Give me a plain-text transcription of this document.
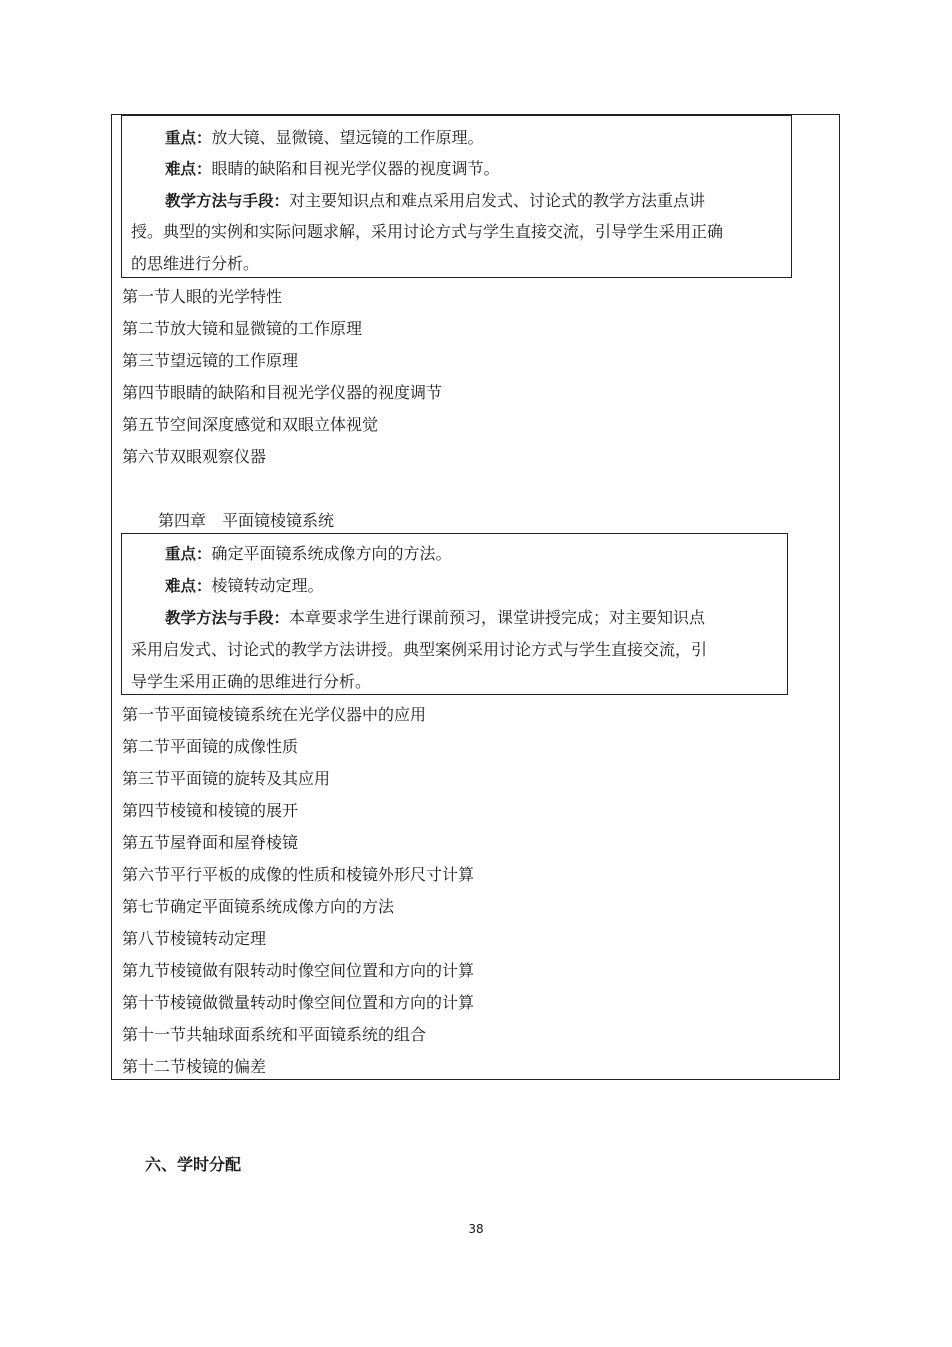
重点：放大镜、显微镜、望远镜的工作原理。
难点：眼睛的缺陷和目视光学仪器的视度调节。
教学方法与手段：对主要知识点和难点采用启发式、讨论式的教学方法重点讲
授。典型的实例和实际问题求解，采用讨论方式与学生直接交流，引导学生采用正确
的思维进行分析。
第一节人眼的光学特性
第二节放大镜和显微镜的工作原理
第三节望远镜的工作原理
第四节眼睛的缺陷和目视光学仪器的视度调节
第五节空间深度感觉和双眼立体视觉
第六节双眼观察仪器
第四章　平面镜棱镜系统
重点：确定平面镜系统成像方向的方法。
难点：棱镜转动定理。
教学方法与手段：本章要求学生进行课前预习，课堂讲授完成；对主要知识点
采用启发式、讨论式的教学方法讲授。典型案例采用讨论方式与学生直接交流，引
导学生采用正确的思维进行分析。
第一节平面镜棱镜系统在光学仪器中的应用
第二节平面镜的成像性质
第三节平面镜的旋转及其应用
第四节棱镜和棱镜的展开
第五节屋脊面和屋脊棱镜
第六节平行平板的成像的性质和棱镜外形尺寸计算
第七节确定平面镜系统成像方向的方法
第八节棱镜转动定理
第九节棱镜做有限转动时像空间位置和方向的计算
第十节棱镜做微量转动时像空间位置和方向的计算
第十一节共轴球面系统和平面镜系统的组合
第十二节棱镜的偏差
六、学时分配
38
